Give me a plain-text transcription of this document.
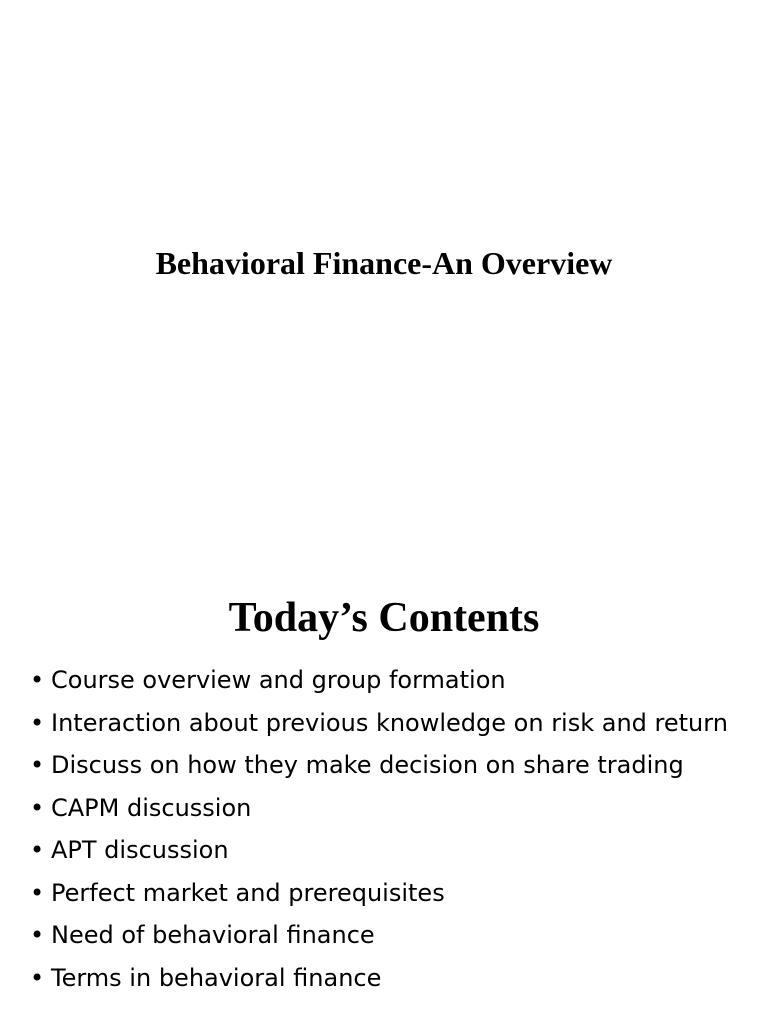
Behavioral Finance-An Overview
Today’s Contents
• Course overview and group formation
• Interaction about previous knowledge on risk and return
• Discuss on how they make decision on share trading
• CAPM discussion
• APT discussion
• Perfect market and prerequisites
• Need of behavioral finance
• Terms in behavioral finance
